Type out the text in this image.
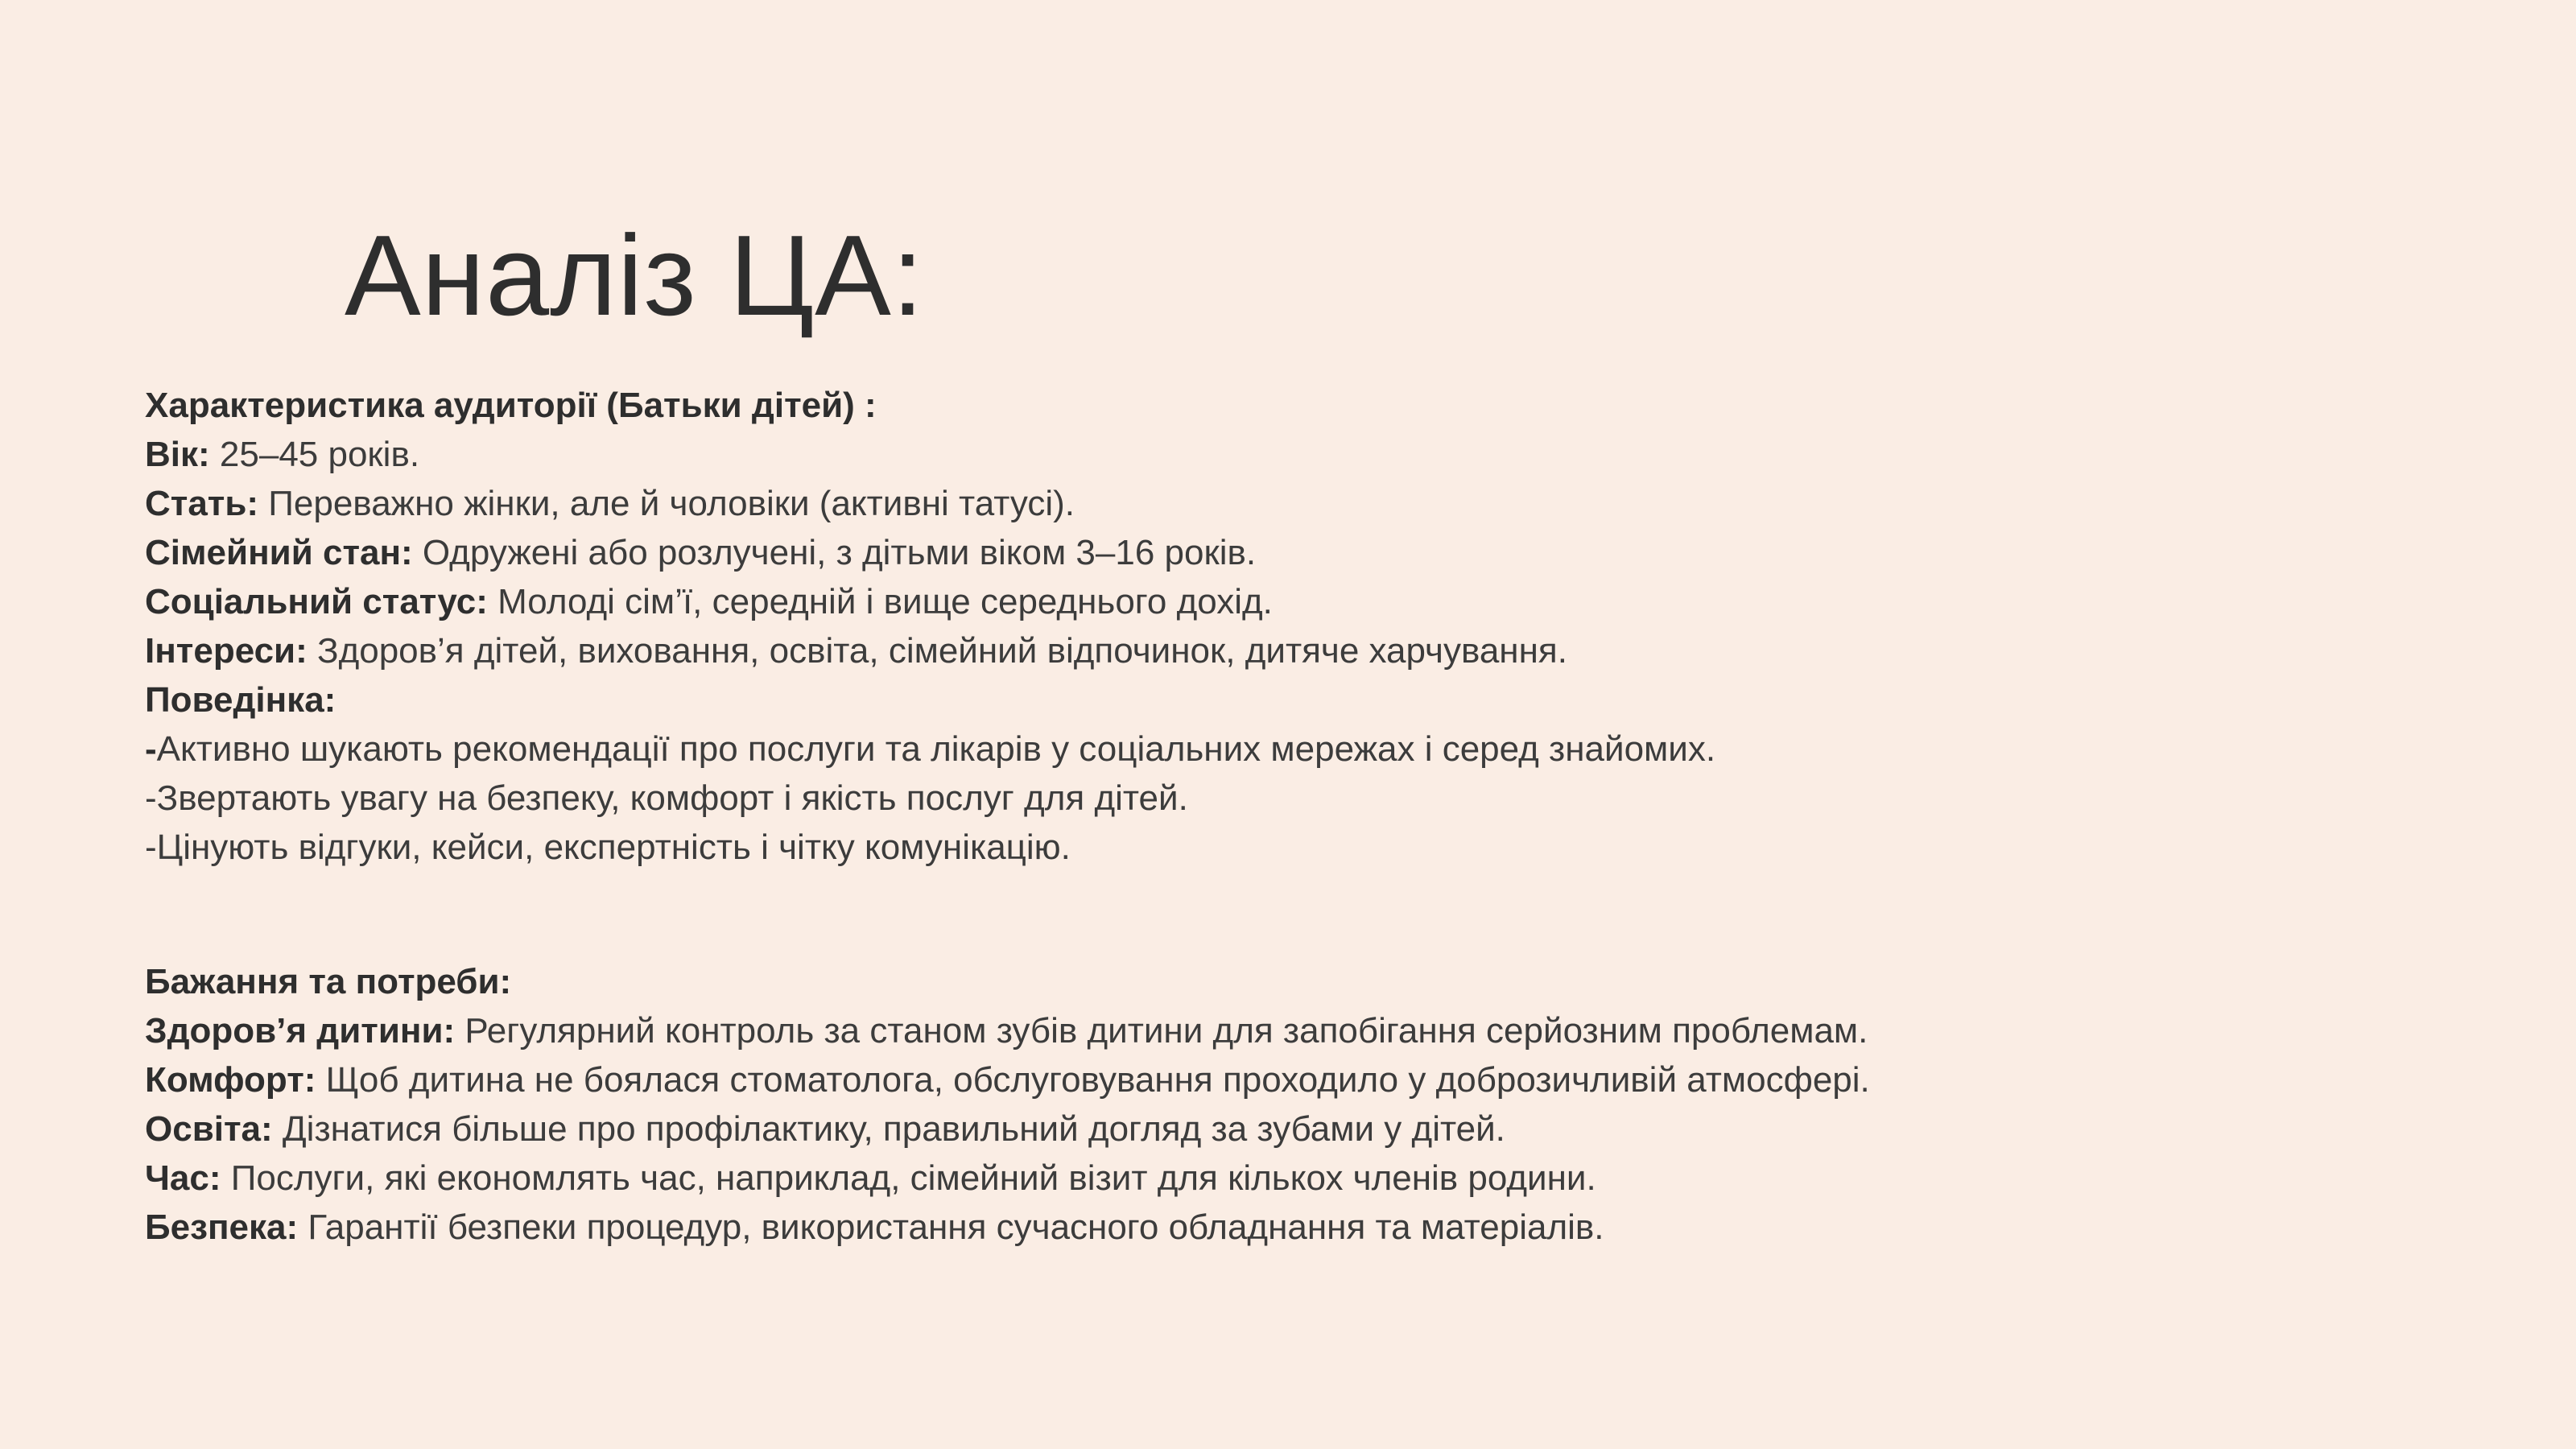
Аналіз ЦА:

Характеристика аудиторії (Батьки дітей) :

Вік: 25–45 років.

Стать: Переважно жінки, але й чоловіки (активні татусі).

Сімейний стан: Одружені або розлучені, з дітьми віком 3–16 років.

Соціальний статус: Молоді сім’ї, середній і вище середнього дохід.

Інтереси: Здоров’я дітей, виховання, освіта, сімейний відпочинок, дитяче харчування.

Поведінка:

-Активно шукають рекомендації про послуги та лікарів у соціальних мережах і серед знайомих.

-Звертають увагу на безпеку, комфорт і якість послуг для дітей.

-Цінують відгуки, кейси, експертність і чітку комунікацію.

Бажання та потреби:

Здоров’я дитини: Регулярний контроль за станом зубів дитини для запобігання серйозним проблемам.

Комфорт: Щоб дитина не боялася стоматолога, обслуговування проходило у доброзичливій атмосфері.

Освіта: Дізнатися більше про профілактику, правильний догляд за зубами у дітей.

Час: Послуги, які економлять час, наприклад, сімейний візит для кількох членів родини.

Безпека: Гарантії безпеки процедур, використання сучасного обладнання та матеріалів.
